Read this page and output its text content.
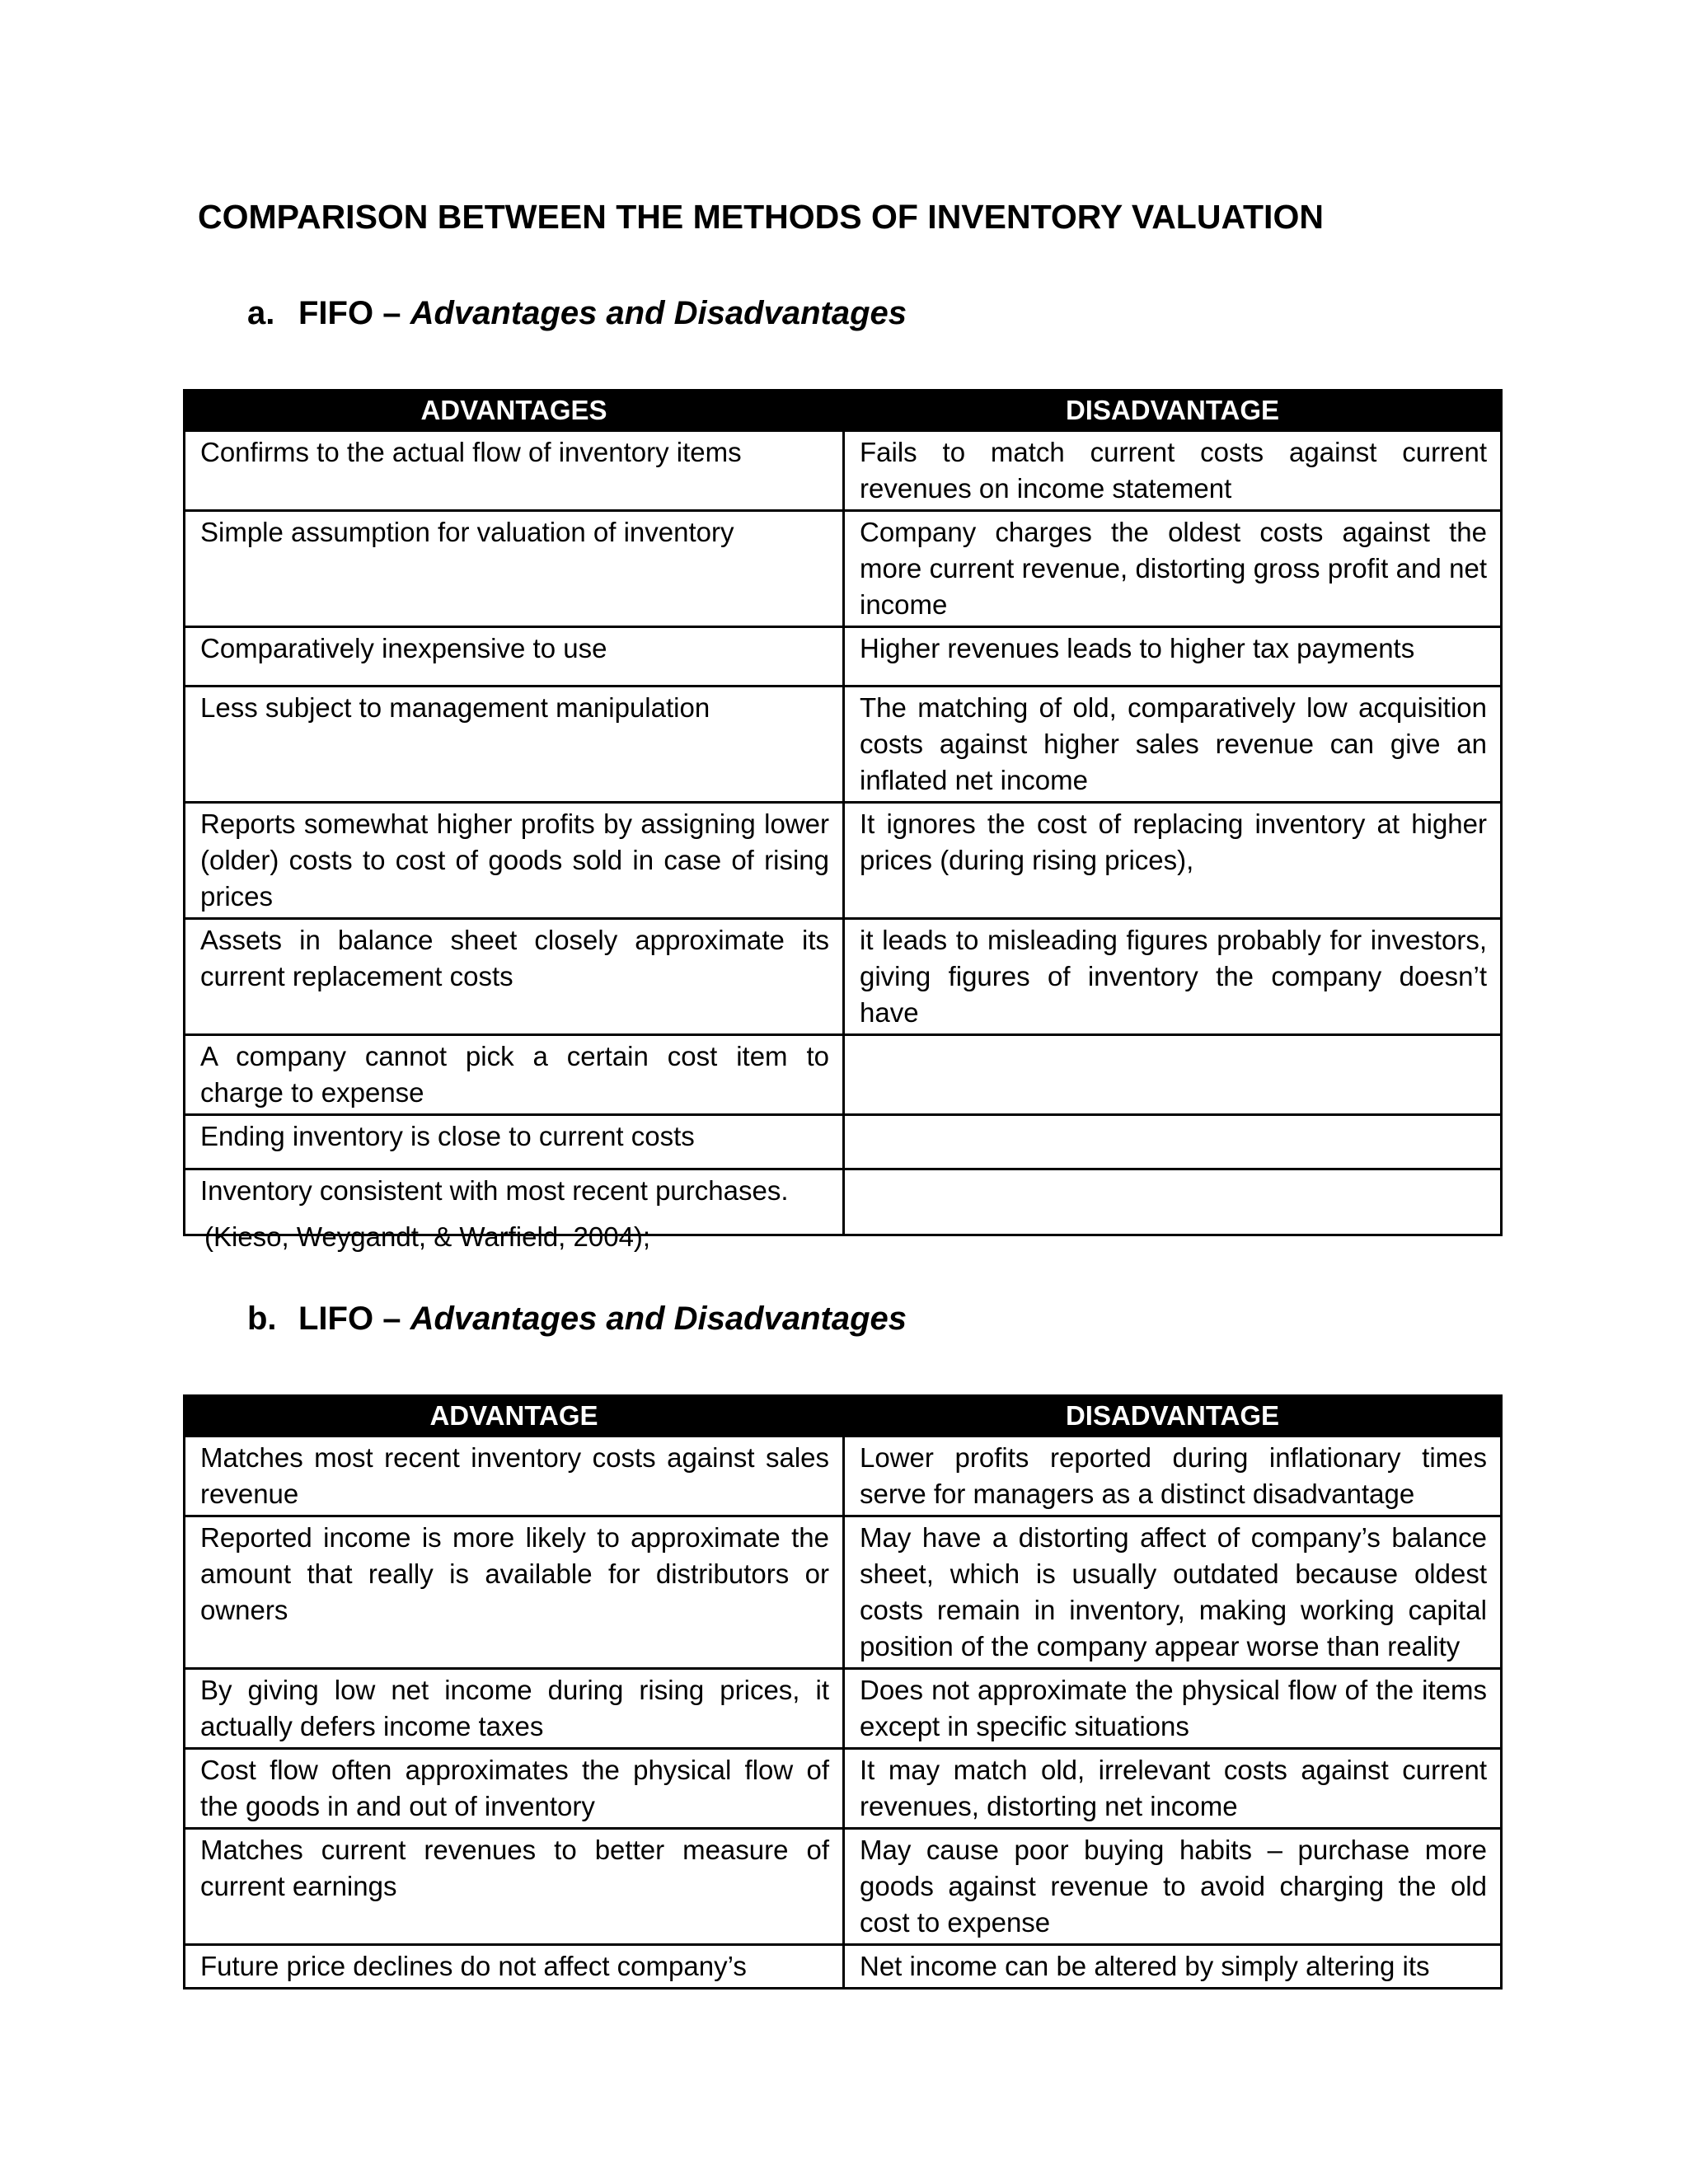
COMPARISON BETWEEN THE METHODS OF INVENTORY VALUATION
a. FIFO – Advantages and Disadvantages
ADVANTAGES	DISADVANTAGE
Confirms to the actual flow of inventory items	Fails to match current costs against current revenues on income statement
Simple assumption for valuation of inventory	Company charges the oldest costs against the more current revenue, distorting gross profit and net income
Comparatively inexpensive to use	Higher revenues leads to higher tax payments
Less subject to management manipulation	The matching of old, comparatively low acquisition costs against higher sales revenue can give an inflated net income
Reports somewhat higher profits by assigning lower (older) costs to cost of goods sold in case of rising prices	It ignores the cost of replacing inventory at higher prices (during rising prices),
Assets in balance sheet closely approximate its current replacement costs	it leads to misleading figures probably for investors, giving figures of inventory the company doesn’t have
A company cannot pick a certain cost item to charge to expense	
Ending inventory is close to current costs	
Inventory consistent with most recent purchases.	

(Kieso, Weygandt, & Warfield, 2004);

b. LIFO – Advantages and Disadvantages
ADVANTAGE	DISADVANTAGE
Matches most recent inventory costs against sales revenue	Lower profits reported during inflationary times serve for managers as a distinct disadvantage
Reported income is more likely to approximate the amount that really is available for distributors or owners	May have a distorting affect of company’s balance sheet, which is usually outdated because oldest costs remain in inventory, making working capital position of the company appear worse than reality
By giving low net income during rising prices, it actually defers income taxes	Does not approximate the physical flow of the items except in specific situations
Cost flow often approximates the physical flow of the goods in and out of inventory	It may match old, irrelevant costs against current revenues, distorting net income
Matches current revenues to better measure of current earnings	May cause poor buying habits – purchase more goods against revenue to avoid charging the old cost to expense
Future price declines do not affect company’s	Net income can be altered by simply altering its
